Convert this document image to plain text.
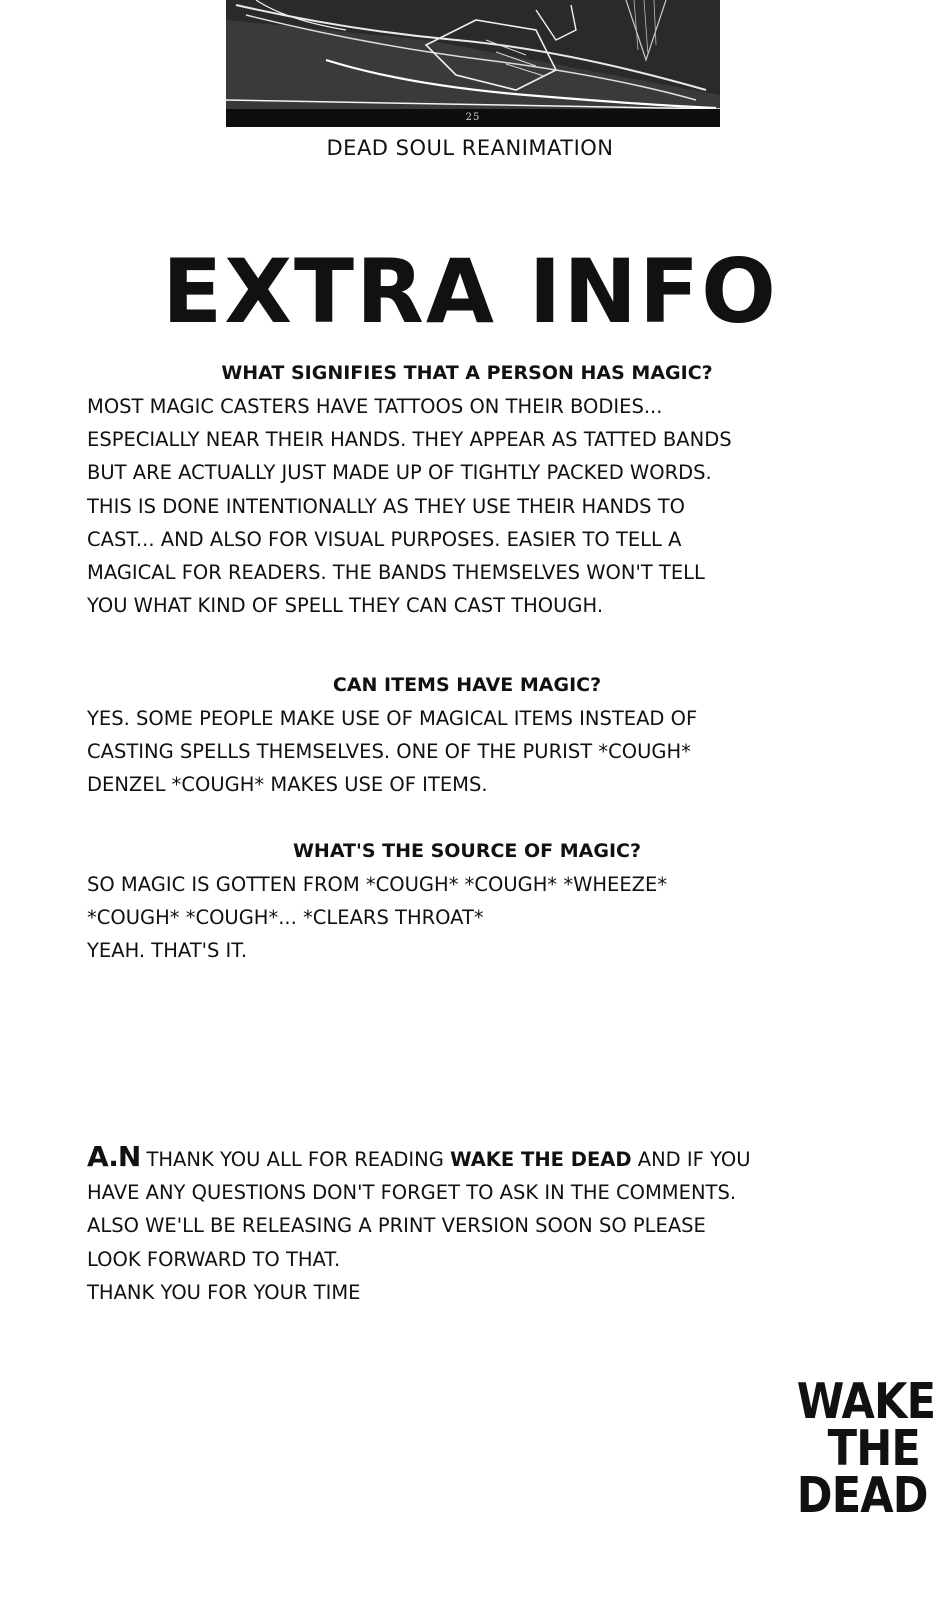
25
DEAD SOUL REANIMATION
EXTRA INFO

WHAT SIGNIFIES THAT A PERSON HAS MAGIC?

MOST MAGIC CASTERS HAVE TATTOOS ON THEIR BODIES...

ESPECIALLY NEAR THEIR HANDS. THEY APPEAR AS TATTED BANDS

BUT ARE ACTUALLY JUST MADE UP OF TIGHTLY PACKED WORDS.

THIS IS DONE INTENTIONALLY AS THEY USE THEIR HANDS TO

CAST... AND ALSO FOR VISUAL PURPOSES. EASIER TO TELL A

MAGICAL FOR READERS. THE BANDS THEMSELVES WON'T TELL

YOU WHAT KIND OF SPELL THEY CAN CAST THOUGH.

CAN ITEMS HAVE MAGIC?

YES. SOME PEOPLE MAKE USE OF MAGICAL ITEMS INSTEAD OF

CASTING SPELLS THEMSELVES. ONE OF THE PURIST *COUGH*

DENZEL *COUGH* MAKES USE OF ITEMS.

WHAT'S THE SOURCE OF MAGIC?

SO MAGIC IS GOTTEN FROM *COUGH* *COUGH* *WHEEZE*

*COUGH* *COUGH*... *CLEARS THROAT*

YEAH. THAT'S IT.

A.N THANK YOU ALL FOR READING WAKE THE DEAD AND IF YOU

HAVE ANY QUESTIONS DON'T FORGET TO ASK IN THE COMMENTS.

ALSO WE'LL BE RELEASING A PRINT VERSION SOON SO PLEASE

LOOK FORWARD TO THAT.

THANK YOU FOR YOUR TIME

WAKE
THE
DEAD
